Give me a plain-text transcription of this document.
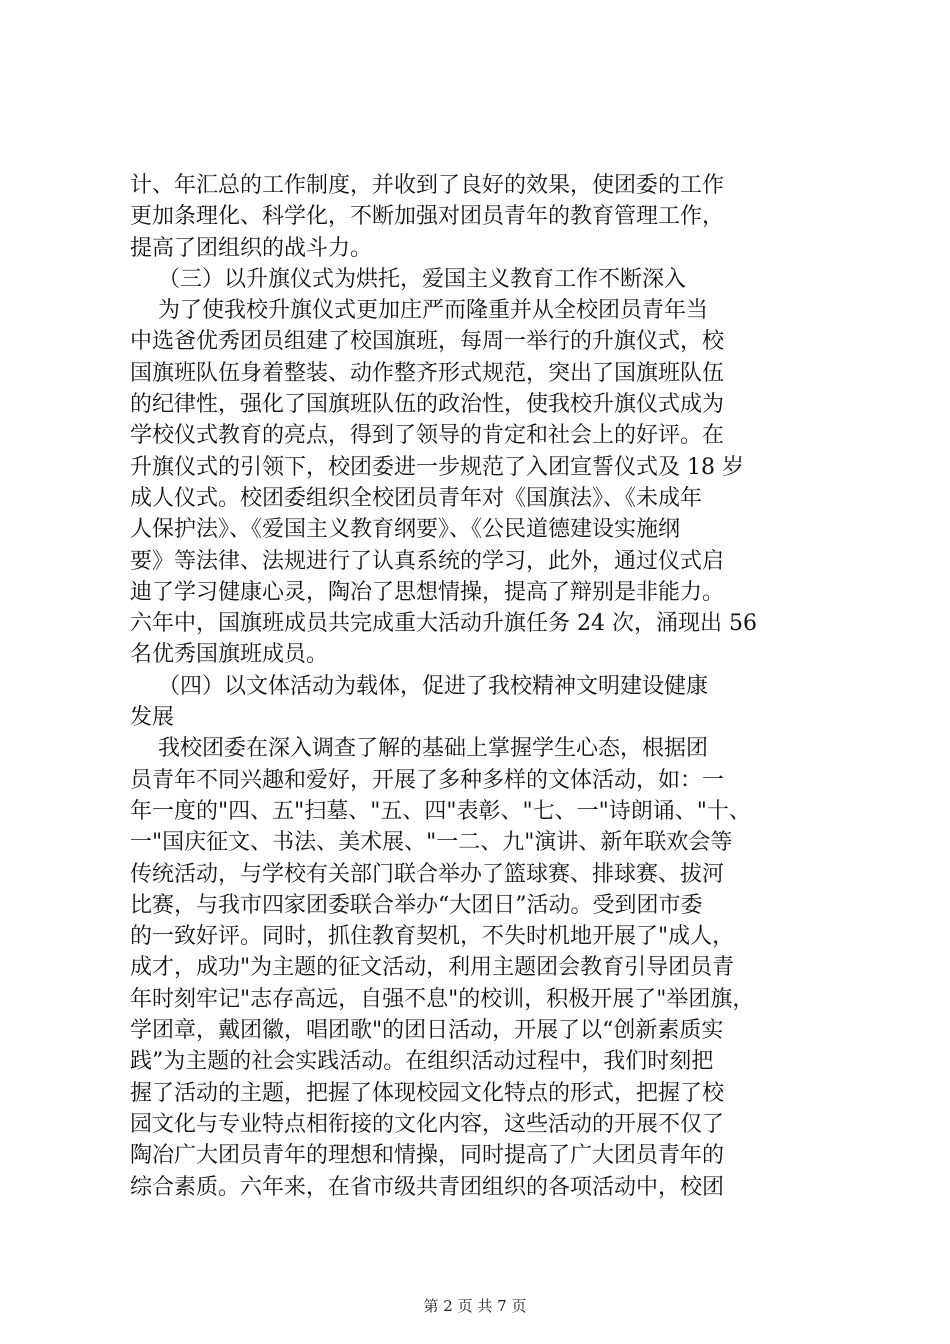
计、年汇总的工作制度，并收到了良好的效果，使团委的工作
更加条理化、科学化，不断加强对团员青年的教育管理工作，
提高了团组织的战斗力。
（三）以升旗仪式为烘托，爱国主义教育工作不断深入
为了使我校升旗仪式更加庄严而隆重并从全校团员青年当
中选爸优秀团员组建了校国旗班，每周一举行的升旗仪式，校
国旗班队伍身着整装、动作整齐形式规范，突出了国旗班队伍
的纪律性，强化了国旗班队伍的政治性，使我校升旗仪式成为
学校仪式教育的亮点，得到了领导的肯定和社会上的好评。在
升旗仪式的引领下，校团委进一步规范了入团宣誓仪式及 18 岁
成人仪式。校团委组织全校团员青年对《国旗法》、《未成年
人保护法》、《爱国主义教育纲要》、《公民道德建设实施纲
要》等法律、法规进行了认真系统的学习，此外，通过仪式启
迪了学习健康心灵，陶冶了思想情操，提高了辩别是非能力。
六年中，国旗班成员共完成重大活动升旗任务 24 次，涌现出 56
名优秀国旗班成员。
（四）以文体活动为载体，促进了我校精神文明建设健康
发展
我校团委在深入调查了解的基础上掌握学生心态，根据团
员青年不同兴趣和爱好，开展了多种多样的文体活动，如：一
年一度的"四、五"扫墓、"五、四"表彰、"七、一"诗朗诵、"十、
一"国庆征文、书法、美术展、"一二、九"演讲、新年联欢会等
传统活动，与学校有关部门联合举办了篮球赛、排球赛、拔河
比赛，与我市四家团委联合举办“大团日”活动。受到团市委
的一致好评。同时，抓住教育契机，不失时机地开展了"成人，
成才，成功"为主题的征文活动，利用主题团会教育引导团员青
年时刻牢记"志存高远，自强不息"的校训，积极开展了"举团旗，
学团章，戴团徽，唱团歌"的团日活动，开展了以“创新素质实
践”为主题的社会实践活动。在组织活动过程中，我们时刻把
握了活动的主题，把握了体现校园文化特点的形式，把握了校
园文化与专业特点相衔接的文化内容，这些活动的开展不仅了
陶冶广大团员青年的理想和情操，同时提高了广大团员青年的
综合素质。六年来，在省市级共青团组织的各项活动中，校团
第 2 页 共 7 页
